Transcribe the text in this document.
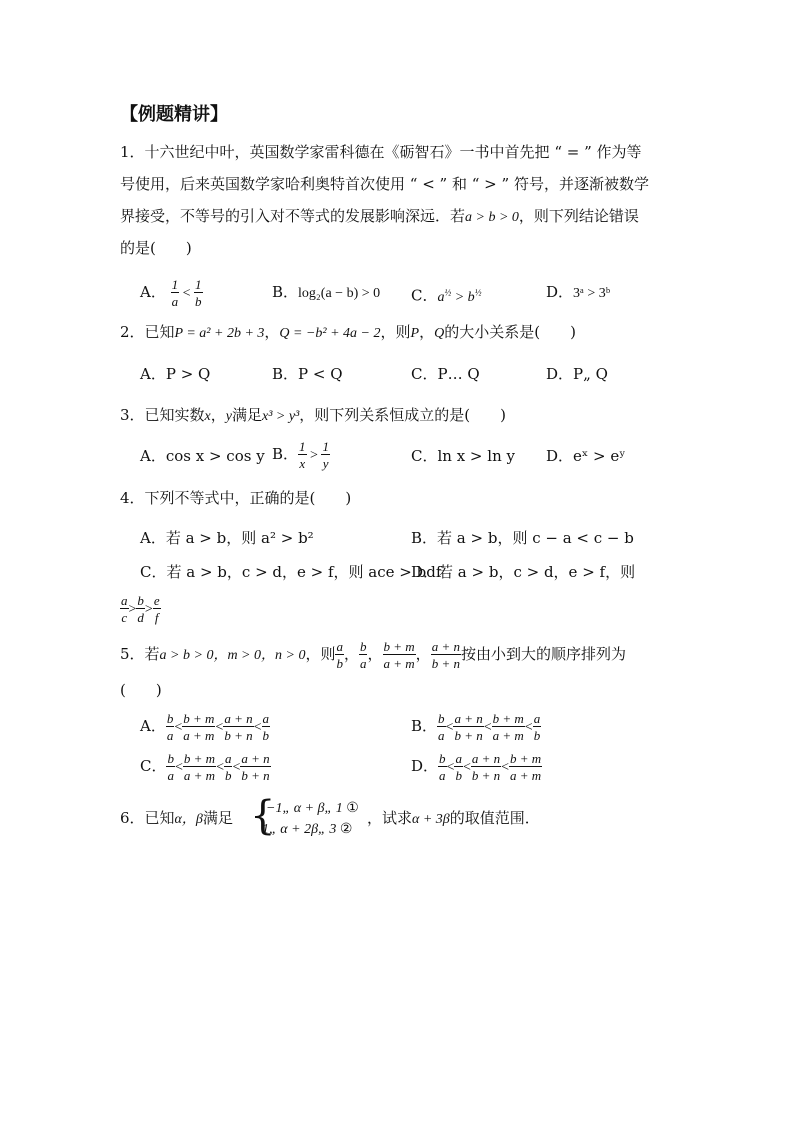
【例题精讲】
1．十六世纪中叶，英国数学家雷科德在《砺智石》一书中首先把 “ = ” 作为等
号使用，后来英国数学家哈利奥特首次使用 “ < ” 和 “ > ” 符号，并逐渐被数学
界接受，不等号的引入对不等式的发展影响深远．若a > b > 0，则下列结论错误
的是(　　)
A． $\frac{1}{a} < \frac{1}{b}$	B．log₂(a − b) > 0 C．$a^{\frac{1}{2}} > b^{\frac{1}{2}}$	D．3ᵃ > 3ᵇ
2．已知P = a² + 2b + 3，Q = −b² + 4a − 2，则P，Q的大小关系是(　　)
A．P > Q	B．P < Q	C．P… Q	D．P„ Q
3．已知实数x，y满足x³ > y³，则下列关系恒成立的是(　　)
A．cos x > cos y B． $\frac{1}{x} > \frac{1}{y}$	C．ln x > ln y D．eˣ > eʸ
4．下列不等式中，正确的是(　　)
A．若 a > b，则 a² > b²	B．若 a > b，则 c − a < c − b
C．若 a > b，c > d，e > f，则 ace > bdf
D．若 a > b，c > d，e > f，则
$\frac{a}{c} > \frac{b}{d} > \frac{e}{f}$
5．若a > b > 0，m > 0，n > 0，则 $\frac{a}{b}$ ， $\frac{b}{a}$ ， $\frac{b + m}{a + m}$ ， $\frac{a + n}{b + n}$ 按由小到大的顺序排列为
(　　)
A． $\frac{b}{a} < \frac{b + m}{a + m} < \frac{a + n}{b + n} < \frac{a}{b}$	B． $\frac{b}{a} < \frac{a + n}{b + n} < \frac{b + m}{a + m} < \frac{a}{b}$
C． $\frac{b}{a} < \frac{b + m}{a + m} < \frac{a}{b} < \frac{a + n}{b + n}$	D． $\frac{b}{a} < \frac{a}{b} < \frac{a + n}{b + n} < \frac{b + m}{a + m}$
6．已知α，β满足 {
−1„ α + β„ 1 ①
1„ α + 2β„ 3 ②
，试求α + 3β的取值范围．
